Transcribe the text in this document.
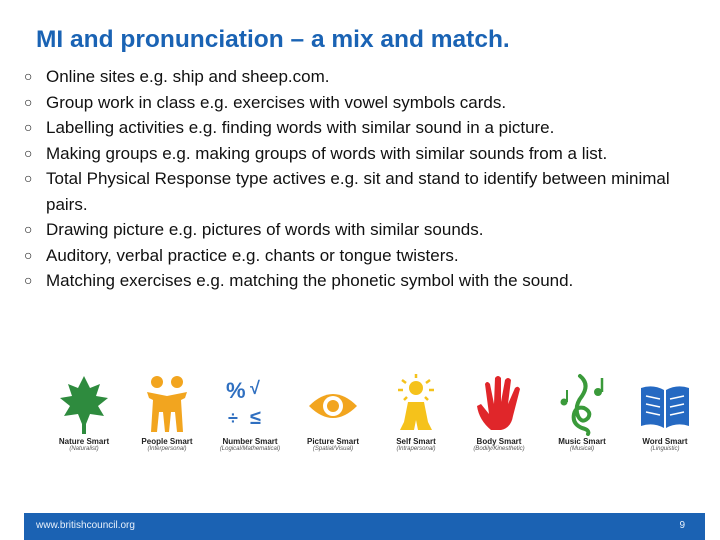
MI and pronunciation – a mix and match.
○ Online sites e.g. ship and sheep.com.
○ Group work in class e.g. exercises with vowel symbols cards.
○ Labelling activities e.g. finding words with similar sound in a picture.
○ Making groups e.g. making groups of words with similar sounds from a list.
○ Total Physical Response type actives e.g. sit and stand to identify between minimal pairs.
○ Drawing picture e.g. pictures of words with similar sounds.
○ Auditory, verbal practice e.g. chants or tongue twisters.
○ Matching exercises e.g. matching the phonetic symbol with the sound.
Nature Smart
(Naturalist)
People Smart
(Interpersonal)
% √
÷ ≤
Number Smart
(Logical/Mathematical)
Picture Smart
(Spatial/Visual)
Self Smart
(Intrapersonal)
Body Smart
(Bodily/Kinesthetic)
Music Smart
(Musical)
Word Smart
(Linguistic)
www.britishcouncil.org	9
